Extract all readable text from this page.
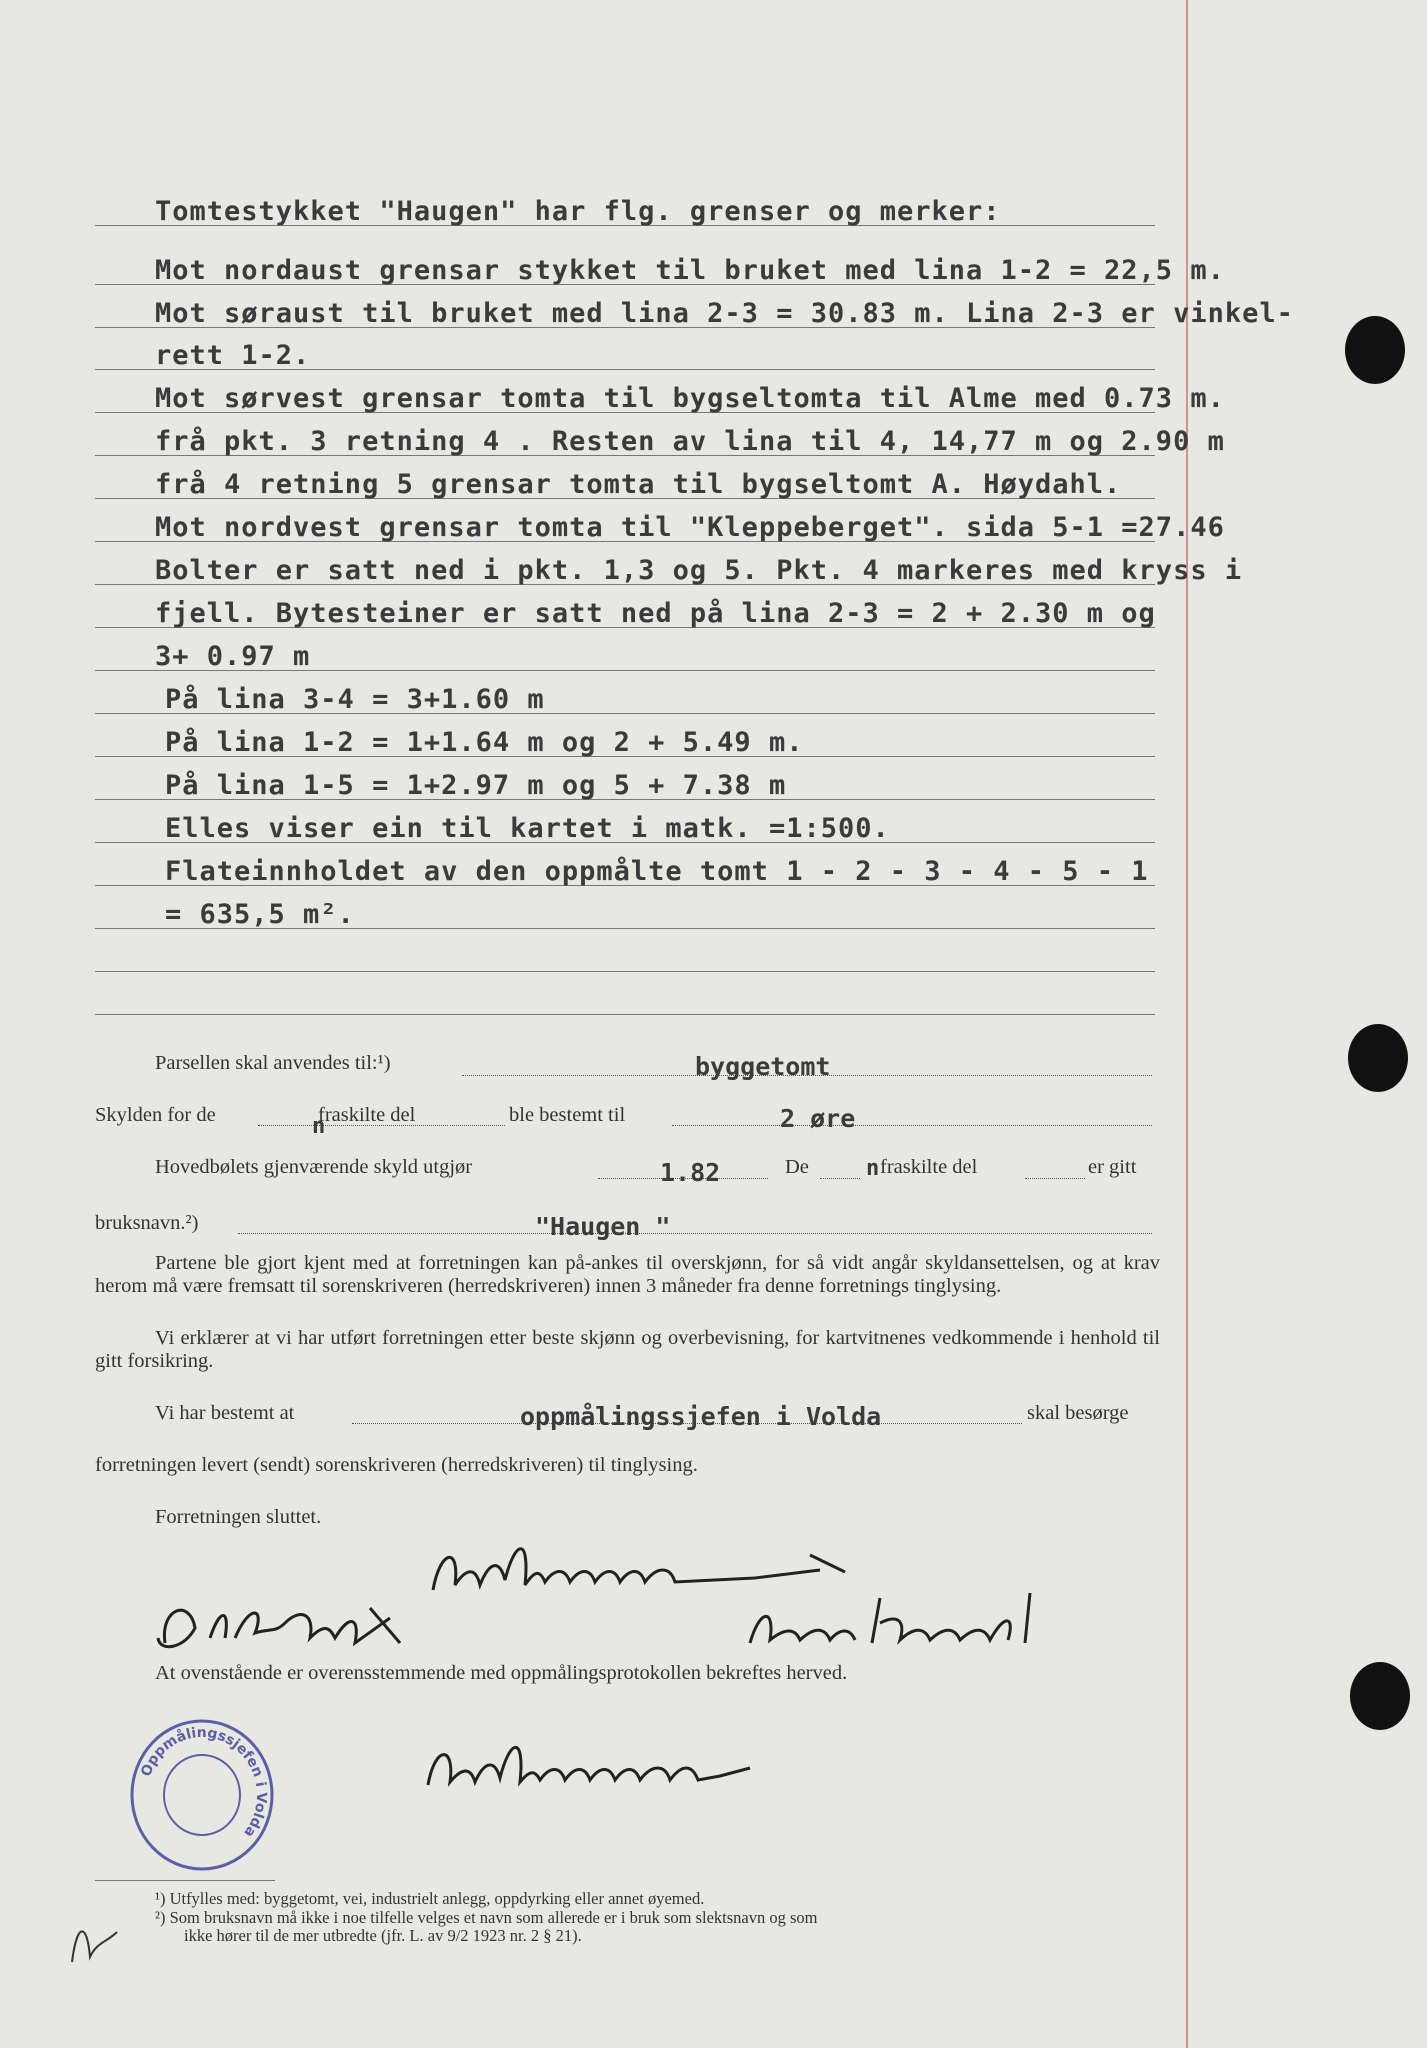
Tomtestykket "Haugen" har flg. grenser og merker:
Mot nordaust grensar stykket til bruket med lina 1-2 = 22,5 m.
Mot søraust til bruket med lina 2-3 = 30.83 m. Lina 2-3 er vinkel-
rett 1-2.
Mot sørvest grensar tomta til bygseltomta til Alme med 0.73 m.
frå pkt. 3 retning 4 . Resten av lina til 4, 14,77 m og 2.90 m
frå 4 retning 5 grensar tomta til bygseltomt A. Høydahl.
Mot nordvest grensar tomta til "Kleppeberget". sida 5-1 =27.46
Bolter er satt ned i pkt. 1,3 og 5. Pkt. 4 markeres med kryss i
fjell. Bytesteiner er satt ned på lina 2-3 = 2 + 2.30 m og
3+ 0.97 m
På lina 3-4 = 3+1.60 m
På lina 1-2 = 1+1.64 m og 2 + 5.49 m.
På lina 1-5 = 1+2.97 m og 5 + 7.38 m
Elles viser ein til kartet i matk. =1:500.
Flateinnholdet av den oppmålte tomt 1 - 2 - 3 - 4 - 5 - 1
= 635,5 m².
Parsellen skal anvendes til:¹)	byggetomt
Skylden for de	n
fraskilte del	ble bestemt til	2 øre
Hovedbølets gjenværende skyld utgjør	1.82	De	n fraskilte del	er gitt
bruksnavn.²)	"Haugen "
Partene ble gjort kjent med at forretningen kan på-ankes til overskjønn, for så vidt angår skyldansettelsen, og at krav herom må være fremsatt til sorenskriveren (herredskriveren) innen 3 måneder fra denne forretnings tinglysing.
Vi erklærer at vi har utført forretningen etter beste skjønn og overbevisning, for kartvitnenes vedkommende i henhold til gitt forsikring.
Vi har bestemt at	oppmålingssjefen i Volda	skal besørge
forretningen levert (sendt) sorenskriveren (herredskriveren) til tinglysing.
Forretningen sluttet.
At ovenstående er overensstemmende med oppmålingsprotokollen bekreftes herved.
Oppmålingssjefen i Volda
¹) Utfylles med: byggetomt, vei, industrielt anlegg, oppdyrking eller annet øyemed.
²) Som bruksnavn må ikke i noe tilfelle velges et navn som allerede er i bruk som slektsnavn og som
ikke hører til de mer utbredte (jfr. L. av 9/2 1923 nr. 2 § 21).
